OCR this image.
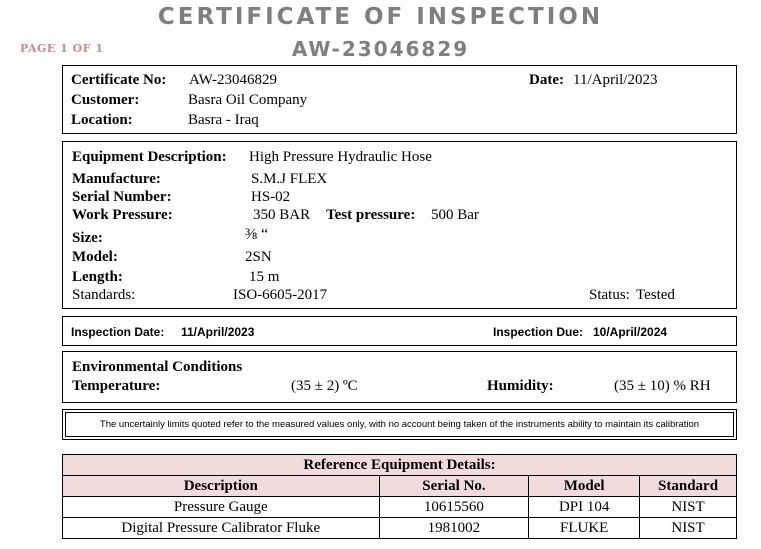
CERTIFICATE OF INSPECTION
AW-23046829
PAGE 1 OF 1
Certificate No: AW-23046829	Date: 11/April/2023
Customer:	Basra Oil Company
Location:	Basra - Iraq
Equipment Description: High Pressure Hydraulic Hose
Manufacture:	S.M.J FLEX
Serial Number:	HS-02
Work Pressure:	350 BAR Test pressure: 500 Bar
Size:	⅜ “
Model:	2SN
Length:	15 m
Standards:	ISO-6605-2017	Status: Tested
Inspection Date: 11/April/2023	Inspection Due: 10/April/2024
Environmental Conditions
Temperature:	(35 ± 2) ºC	Humidity:	(35 ± 10) % RH
The uncertainly limits quoted refer to the measured values only, with no account being taken of the instruments ability to maintain its calibration
Reference Equipment Details:			
Description	Serial No.	Model	Standard
Pressure Gauge	10615560	DPI 104	NIST
Digital Pressure Calibrator Fluke	1981002	FLUKE	NIST
